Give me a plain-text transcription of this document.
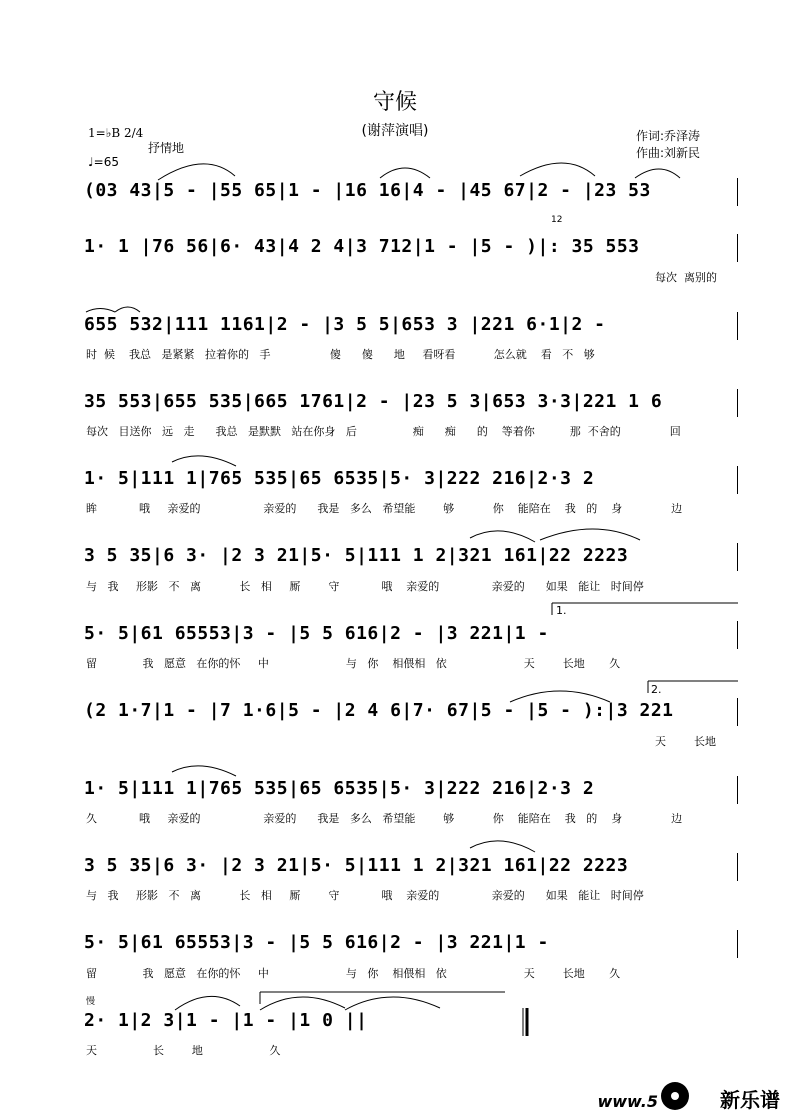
守候
(谢萍演唱)
1=♭B 2/4
抒情地
♩=65
作词:乔泽涛
作曲:刘新民
(03 43|5 - |55 65|1 - |16 16|4 - |45 67|2 - |23 53
1· 1 |76 56|6· 43|4 2 4|3 712|1 - |5 - )|: 35 553
655 532|111 1161|2 - |3 5 5|653 3 |221 6·1|2 -
35 553|655 535|665 1761|2 - |23 5 3|653 3·3|221 1 6
1· 5|111 1|765 535|65 6535|5· 3|222 216|2·3 2
3 5 35|6 3· |2 3 21|5· 5|111 1 2|321 161|22 2223
5· 5|61 65553|3 - |5 5 616|2 - |3 221|1 -
(2 1·7|1 - |7 1·6|5 - |2 4 6|7· 67|5 - |5 - ):|3 221
1· 5|111 1|765 535|65 6535|5· 3|222 216|2·3 2
3 5 35|6 3· |2 3 21|5· 5|111 1 2|321 161|22 2223
5· 5|61 65553|3 - |5 5 616|2 - |3 221|1 -
2· 1|2 3|1 - |1 - |1 0 ||
每次  离别的
时  候    我总   是紧紧   拉着你的   手                 傻      傻      地     看呀看           怎么就    看   不   够
每次   目送你   远   走      我总   是默默   站在你身   后                痴      痴      的    等着你          那  不舍的              回
眸            哦     亲爱的                  亲爱的      我是   多么   希望能        够           你    能陪在    我   的    身              边
与   我     形影   不   离           长   相     厮        守            哦    亲爱的               亲爱的      如果   能让   时间停
留             我   愿意   在你的怀     中                      与   你    相偎相   依                      天        长地       久
天        长地
久            哦     亲爱的                  亲爱的      我是   多么   希望能        够           你    能陪在    我   的    身              边
与   我     形影   不   离           长   相     厮        守            哦    亲爱的               亲爱的      如果   能让   时间停
留             我   愿意   在你的怀     中                      与   你    相偎相   依                      天        长地       久
天                长        地                   久
1.
2.
12
慢
www.5	新乐谱
